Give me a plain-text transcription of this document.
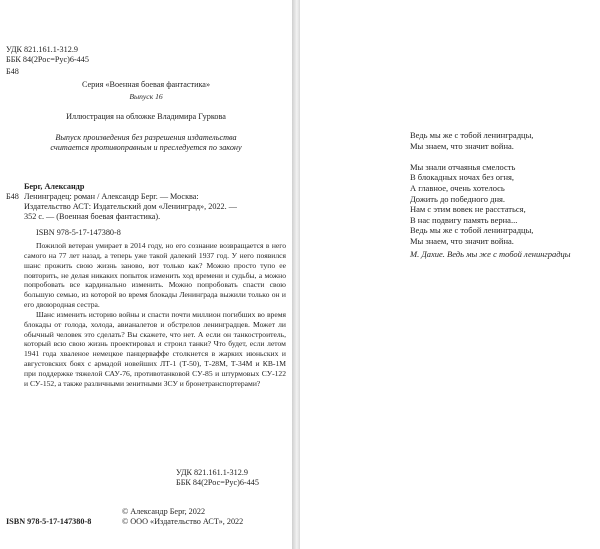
УДК 821.161.1-312.9
ББК 84(2Рос=Рус)6-445
Б48
Серия «Военная боевая фантастика»
Выпуск 16
Иллюстрация на обложке Владимира Гуркова
Выпуск произведения без разрешения издательства
считается противоправным и преследуется по закону
Берг, Александр
Б48 Ленинградец: роман / Александр Берг. — Москва:
Издательство АСТ: Издательский дом «Ленинград», 2022. —
352 с. — (Военная боевая фантастика).
ISBN 978-5-17-147380-8

Пожилой ветеран умирает в 2014 году, но его сознание возвращается в него самого на 77 лет назад, а теперь уже такой далекий 1937 год. У него появился шанс прожить свою жизнь заново, вот только как? Можно просто тупо ее повторить, не делая никаких попыток изменить ход времени и судьбы, а можно попробовать все кардинально изменить. Можно попробовать спасти свою большую семью, из которой во время блокады Ленинграда выжили только он и его двоюродная сестра.

Шанс изменить историю войны и спасти почти миллион погибших во время блокады от голода, холода, авианалетов и обстрелов ленинградцев. Может ли обычный человек это сделать? Вы скажете, что нет. А если он танкостроитель, который всю свою жизнь проектировал и строил танки? Что будет, если летом 1941 года хваленое немецкое панцерваффе столкнется в жарких июньских и августовских боях с армадой новейших ЛТ-1 (Т-50), Т-28М, Т-34М и КВ-1М при поддержке тяжелой САУ-76, противотанковой СУ-85 и штурмовых СУ-122 и СУ-152, а также различными зенитными ЗСУ и бронетранспортерами?

УДК 821.161.1-312.9
ББК 84(2Рос=Рус)6-445
ISBN 978-5-17-147380-8
© Александр Берг, 2022
© ООО «Издательство АСТ», 2022
Ведь мы же с тобой ленинградцы,
Мы знаем, что значит война.
Мы знали отчаянья смелость
В блокадных ночах без огня,
А главное, очень хотелось
Дожить до победного дня.
Нам с этим вовек не расстаться,
В нас подвигу память верна...
Ведь мы же с тобой ленинградцы,
Мы знаем, что значит война.
М. Дахие. Ведь мы же с тобой ленинградцы
